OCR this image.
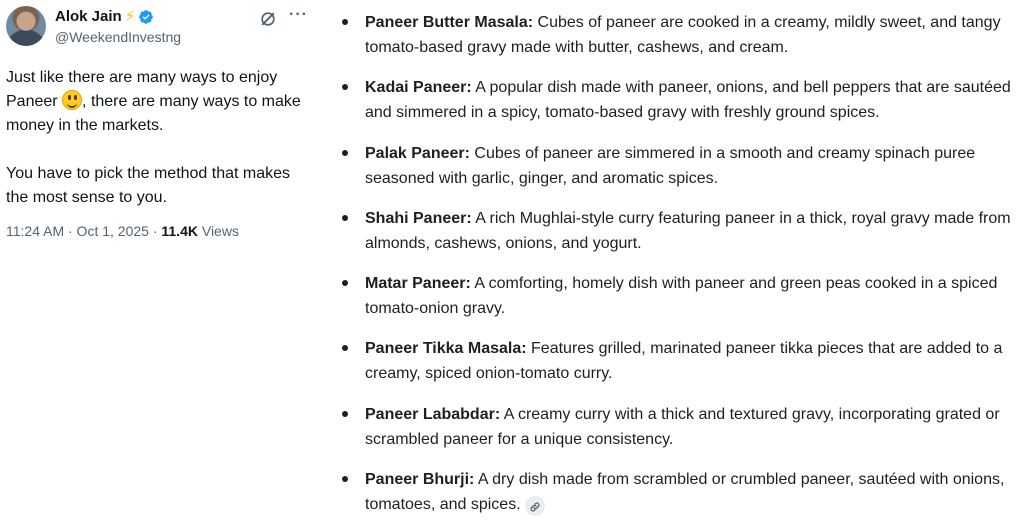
Alok Jain ⚡
@WeekendInvestng
···

Just like there are many ways to enjoy Paneer , there are many ways to make money in the markets.

You have to pick the method that makes the most sense to you.

11:24 AM · Oct 1, 2025 · 11.4K Views
Paneer Butter Masala: Cubes of paneer are cooked in a creamy, mildly sweet, and tangy tomato-based gravy made with butter, cashews, and cream.
Kadai Paneer: A popular dish made with paneer, onions, and bell peppers that are sautéed and simmered in a spicy, tomato-based gravy with freshly ground spices.
Palak Paneer: Cubes of paneer are simmered in a smooth and creamy spinach puree seasoned with garlic, ginger, and aromatic spices.
Shahi Paneer: A rich Mughlai-style curry featuring paneer in a thick, royal gravy made from almonds, cashews, onions, and yogurt.
Matar Paneer: A comforting, homely dish with paneer and green peas cooked in a spiced tomato-onion gravy.
Paneer Tikka Masala: Features grilled, marinated paneer tikka pieces that are added to a creamy, spiced onion-tomato curry.
Paneer Lababdar: A creamy curry with a thick and textured gravy, incorporating grated or scrambled paneer for a unique consistency.
Paneer Bhurji: A dry dish made from scrambled or crumbled paneer, sautéed with onions, tomatoes, and spices.
